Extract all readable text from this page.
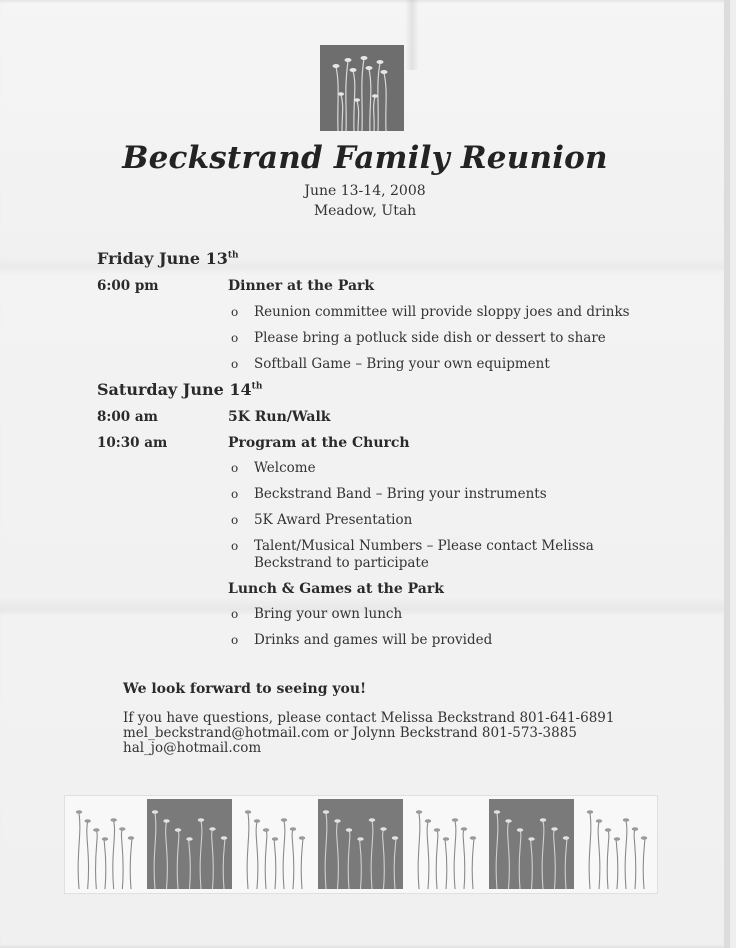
Beckstrand Family Reunion
June 13-14, 2008
Meadow, Utah
Friday June 13th
6:00 pm	Dinner at the Park
o Reunion committee will provide sloppy joes and drinks
o Please bring a potluck side dish or dessert to share
o Softball Game – Bring your own equipment
Saturday June 14th
8:00 am	5K Run/Walk
10:30 am	Program at the Church
o Welcome
o Beckstrand Band – Bring your instruments
o 5K Award Presentation
o Talent/Musical Numbers – Please contact Melissa
Beckstrand to participate
Lunch & Games at the Park
o Bring your own lunch
o Drinks and games will be provided
We look forward to seeing you!
If you have questions, please contact Melissa Beckstrand 801-641-6891
mel_beckstrand@hotmail.com or Jolynn Beckstrand 801-573-3885
hal_jo@hotmail.com
